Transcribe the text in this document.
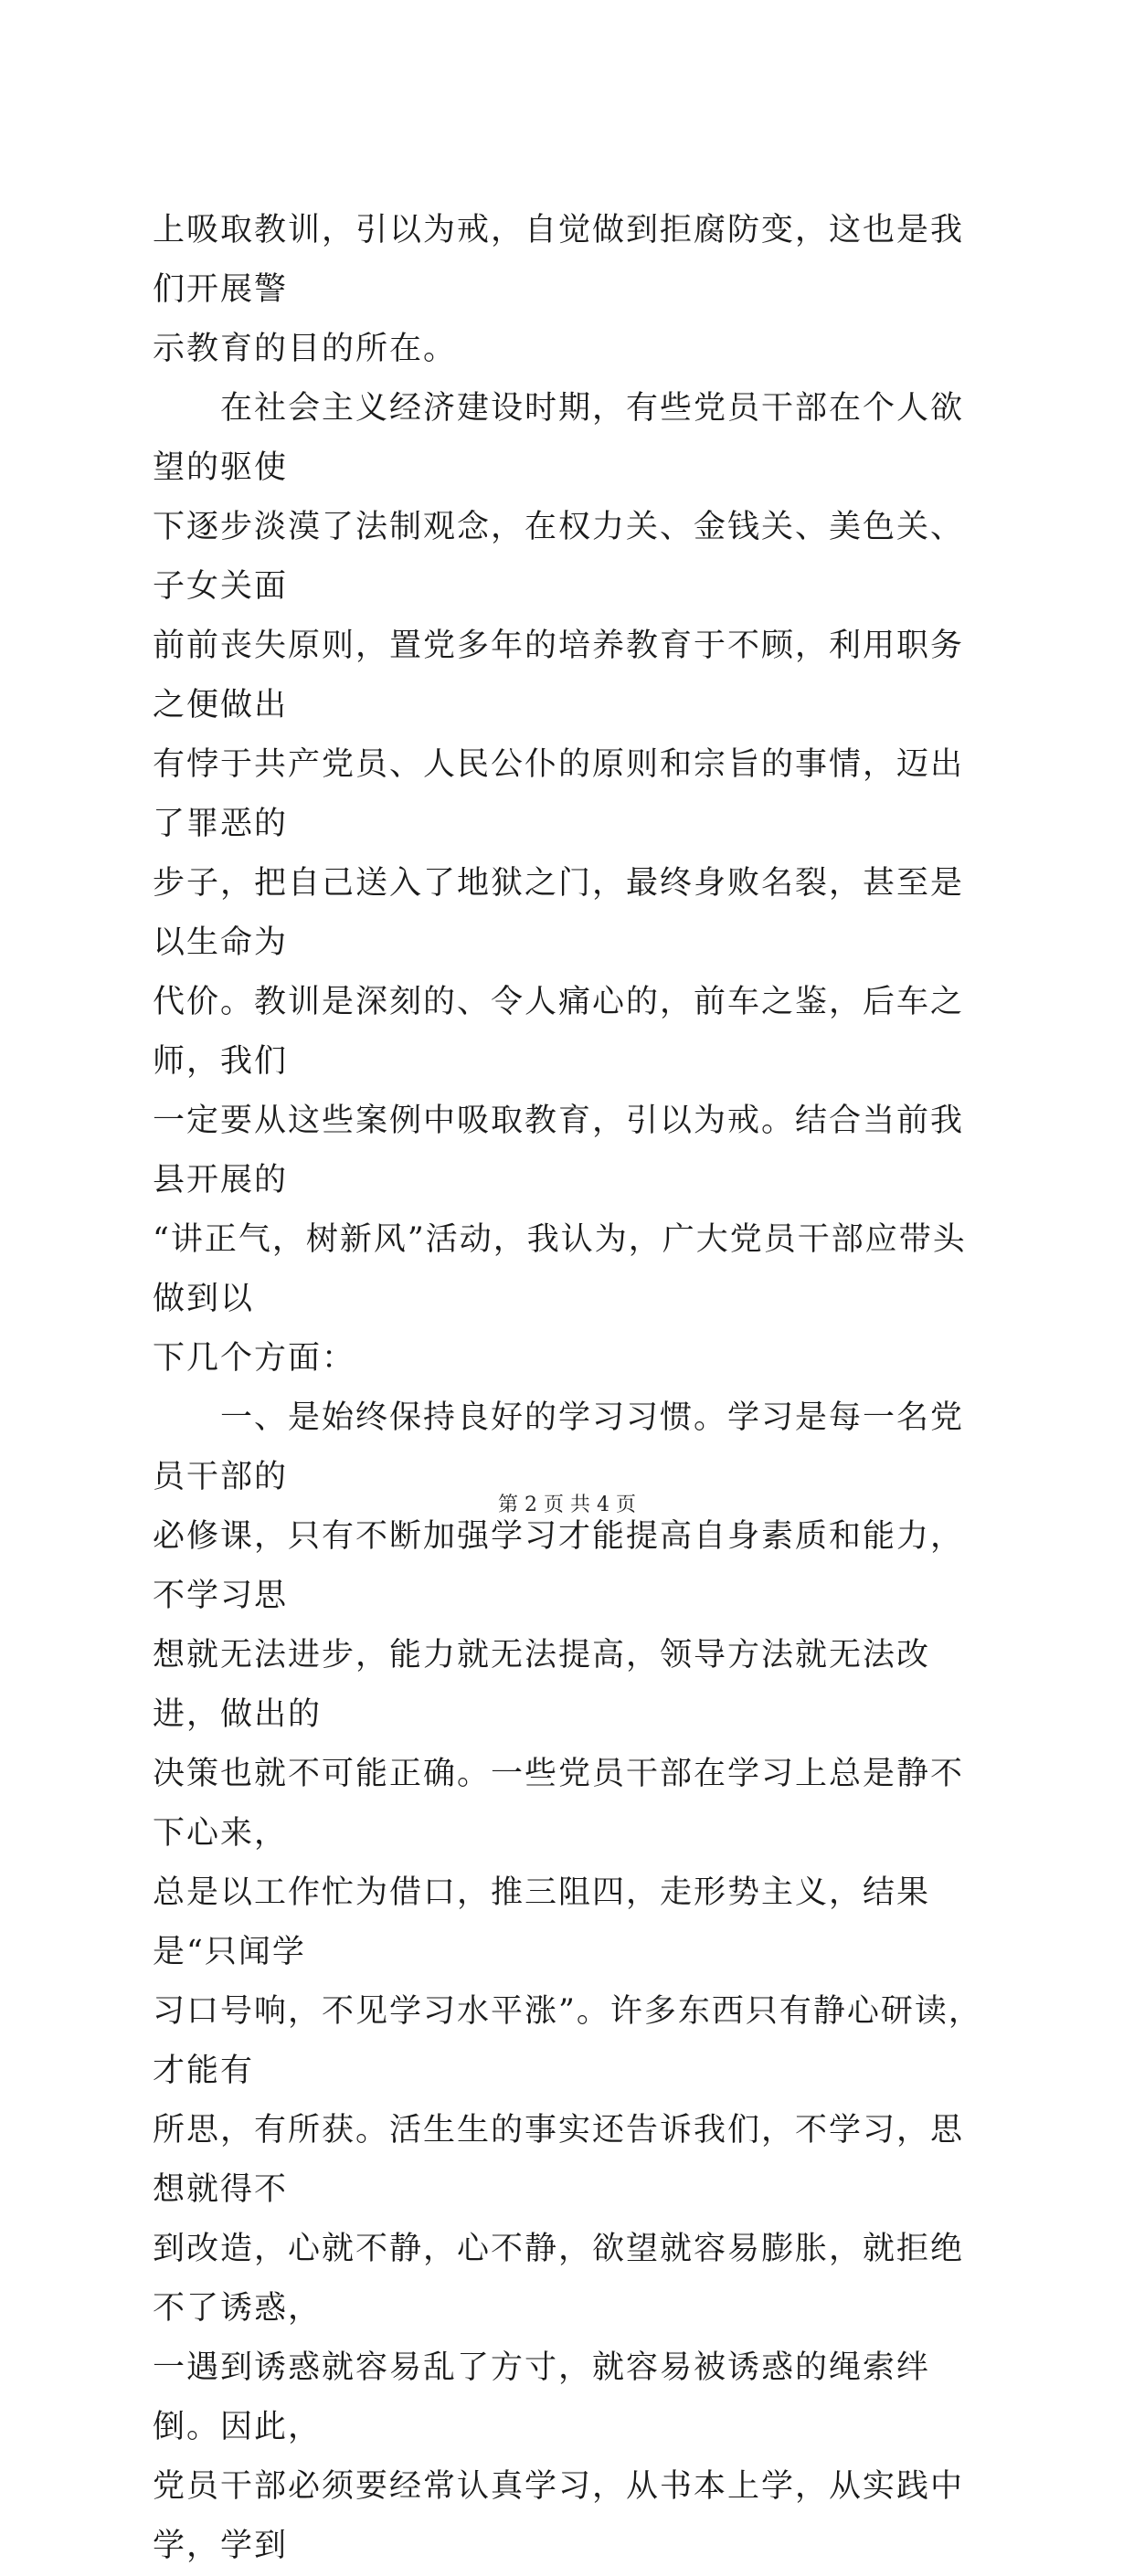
上吸取教训，引以为戒，自觉做到拒腐防变，这也是我们开展警
示教育的目的所在。

　　在社会主义经济建设时期，有些党员干部在个人欲望的驱使
下逐步淡漠了法制观念，在权力关、金钱关、美色关、子女关面
前前丧失原则，置党多年的培养教育于不顾，利用职务之便做出
有悖于共产党员、人民公仆的原则和宗旨的事情，迈出了罪恶的
步子，把自己送入了地狱之门，最终身败名裂，甚至是以生命为
代价。教训是深刻的、令人痛心的，前车之鉴，后车之师，我们
一定要从这些案例中吸取教育，引以为戒。结合当前我县开展的
“讲正气，树新风”活动，我认为，广大党员干部应带头做到以
下几个方面：

　　一、是始终保持良好的学习习惯。学习是每一名党员干部的
必修课，只有不断加强学习才能提高自身素质和能力，不学习思
想就无法进步，能力就无法提高，领导方法就无法改进，做出的
决策也就不可能正确。一些党员干部在学习上总是静不下心来，
总是以工作忙为借口，推三阻四，走形势主义，结果是“只闻学
习口号响，不见学习水平涨”。许多东西只有静心研读，才能有
所思，有所获。活生生的事实还告诉我们，不学习，思想就得不
到改造，心就不静，心不静，欲望就容易膨胀，就拒绝不了诱惑，
一遇到诱惑就容易乱了方寸，就容易被诱惑的绳索绊倒。因此，
党员干部必须要经常认真学习，从书本上学，从实践中学，学到

第 2 页 共 4 页
